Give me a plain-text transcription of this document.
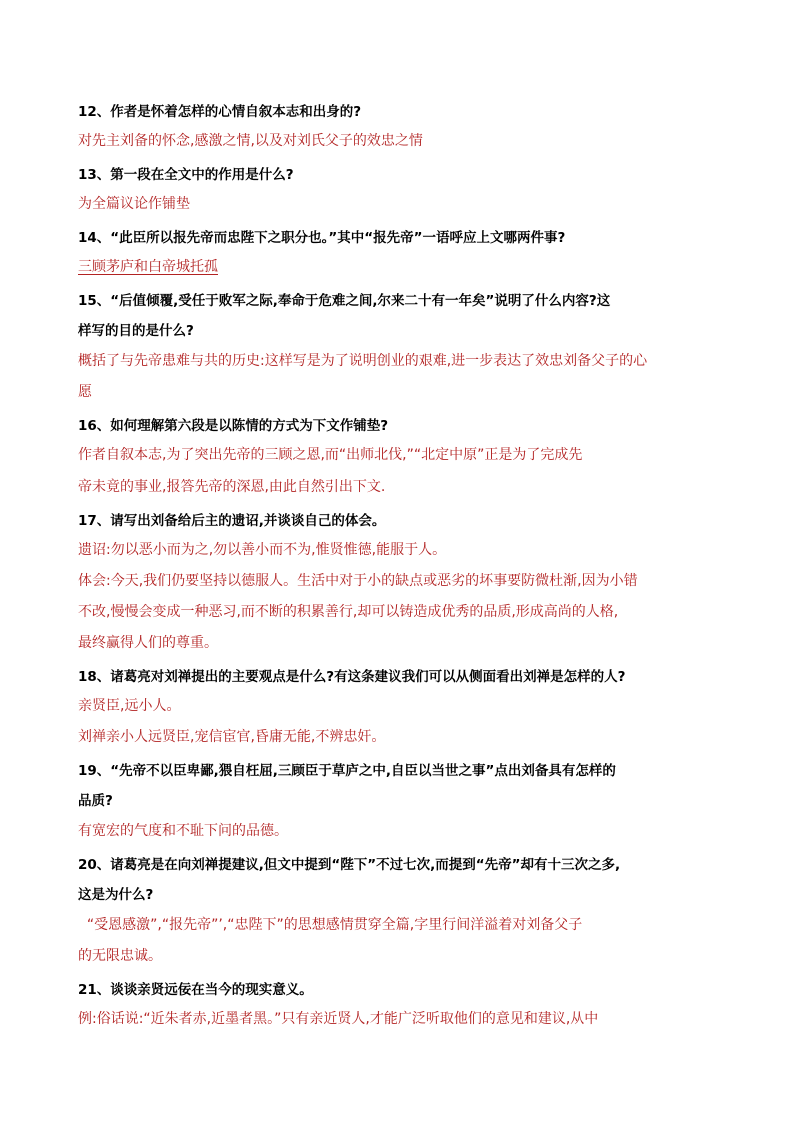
12、作者是怀着怎样的心情自叙本志和出身的?

对先主刘备的怀念,感激之情,以及对刘氏父子的效忠之情

13、第一段在全文中的作用是什么?

为全篇议论作铺垫

14、“此臣所以报先帝而忠陛下之职分也。”其中“报先帝”一语呼应上文哪两件事?

三顾茅庐和白帝城托孤

15、“后值倾覆,受任于败军之际,奉命于危难之间,尔来二十有一年矣”说明了什么内容?这

样写的目的是什么?

概括了与先帝患难与共的历史:这样写是为了说明创业的艰难,进一步表达了效忠刘备父子的心

愿

16、如何理解第六段是以陈情的方式为下文作铺垫?

作者自叙本志,为了突出先帝的三顾之恩,而“出师北伐,”“北定中原”正是为了完成先

帝未竟的事业,报答先帝的深恩,由此自然引出下文.

17、请写出刘备给后主的遗诏,并谈谈自己的体会。

遗诏:勿以恶小而为之,勿以善小而不为,惟贤惟德,能服于人。

体会:今天,我们仍要坚持以德服人。生活中对于小的缺点或恶劣的坏事要防微杜渐,因为小错

不改,慢慢会变成一种恶习,而不断的积累善行,却可以铸造成优秀的品质,形成高尚的人格,

最终赢得人们的尊重。

18、诸葛亮对刘禅提出的主要观点是什么?有这条建议我们可以从侧面看出刘禅是怎样的人?

亲贤臣,远小人。

刘禅亲小人远贤臣,宠信宦官,昏庸无能,不辨忠奸。

19、“先帝不以臣卑鄙,猥自枉屈,三顾臣于草庐之中,自臣以当世之事”点出刘备具有怎样的

品质?

有宽宏的气度和不耻下问的品德。

20、诸葛亮是在向刘禅提建议,但文中提到“陛下”不过七次,而提到“先帝”却有十三次之多,

这是为什么?

“受恩感激”,“报先帝”’,“忠陛下”的思想感情贯穿全篇,字里行间洋溢着对刘备父子

的无限忠诚。

21、谈谈亲贤远佞在当今的现实意义。

例:俗话说:“近朱者赤,近墨者黑。”只有亲近贤人,才能广泛听取他们的意见和建议,从中
